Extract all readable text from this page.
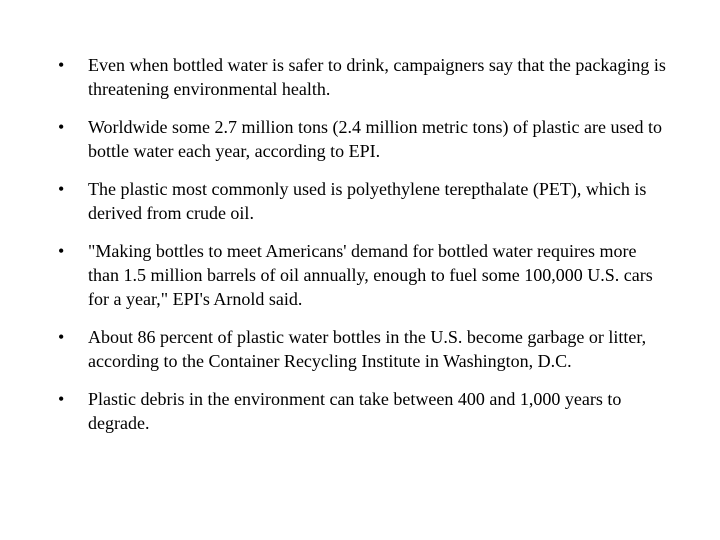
•	Even when bottled water is safer to drink, campaigners say that the packaging is threatening environmental health.
•	Worldwide some 2.7 million tons (2.4 million metric tons) of plastic are used to bottle water each year, according to EPI.
•	The plastic most commonly used is polyethylene terepthalate (PET), which is derived from crude oil.
•	"Making bottles to meet Americans' demand for bottled water requires more than 1.5 million barrels of oil annually, enough to fuel some 100,000 U.S. cars for a year," EPI's Arnold said.
•	About 86 percent of plastic water bottles in the U.S. become garbage or litter, according to the Container Recycling Institute in Washington, D.C.
•	Plastic debris in the environment can take between 400 and 1,000 years to degrade.
